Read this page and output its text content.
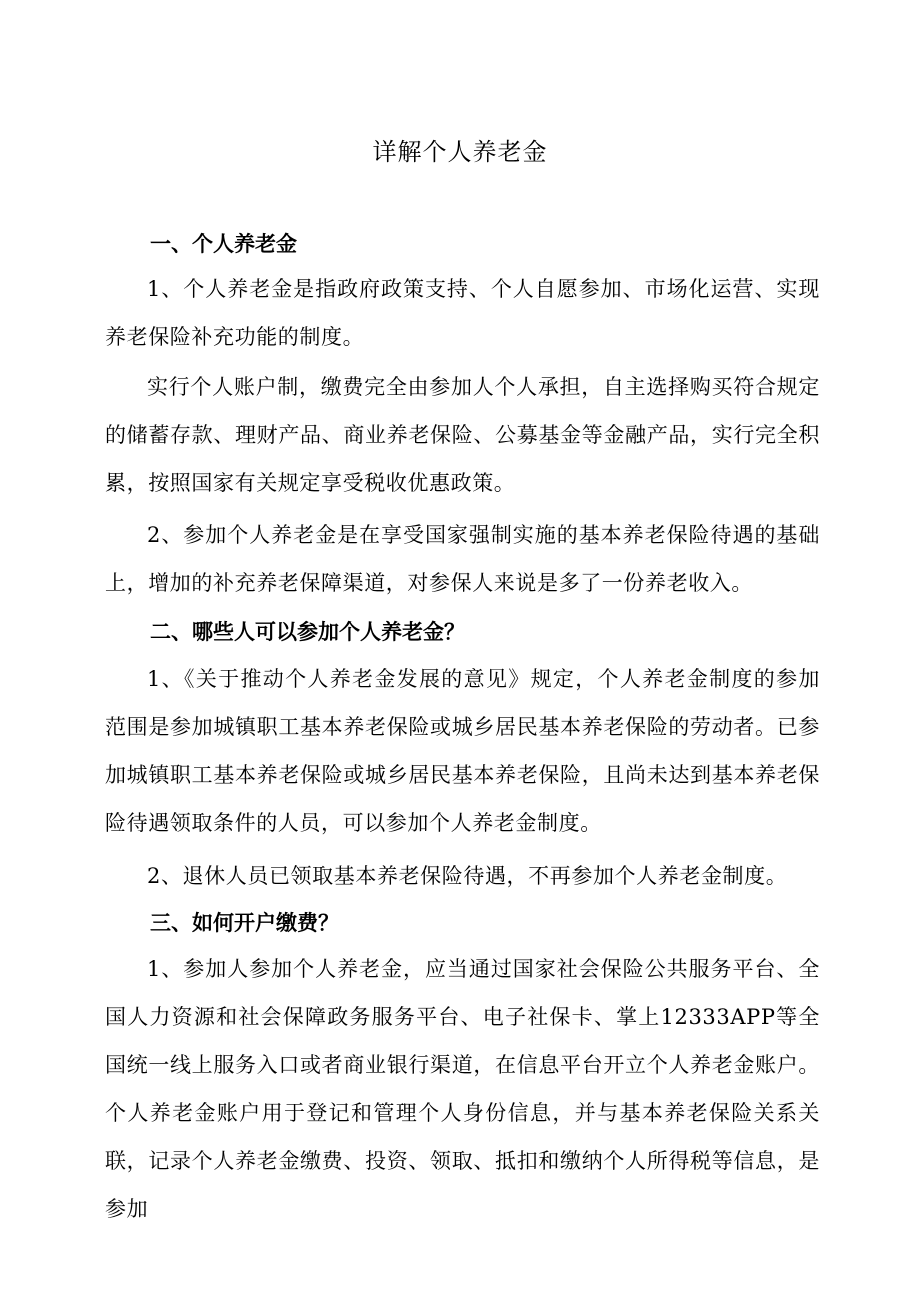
详解个人养老金
一、个人养老金
1、个人养老金是指政府政策支持、个人自愿参加、市场化运营、实现养老保险补充功能的制度。
实行个人账户制，缴费完全由参加人个人承担，自主选择购买符合规定的储蓄存款、理财产品、商业养老保险、公募基金等金融产品，实行完全积累，按照国家有关规定享受税收优惠政策。
2、参加个人养老金是在享受国家强制实施的基本养老保险待遇的基础上，增加的补充养老保障渠道，对参保人来说是多了一份养老收入。
二、哪些人可以参加个人养老金？
1、《关于推动个人养老金发展的意见》规定，个人养老金制度的参加范围是参加城镇职工基本养老保险或城乡居民基本养老保险的劳动者。已参加城镇职工基本养老保险或城乡居民基本养老保险，且尚未达到基本养老保险待遇领取条件的人员，可以参加个人养老金制度。
2、退休人员已领取基本养老保险待遇，不再参加个人养老金制度。
三、如何开户缴费？
1、参加人参加个人养老金，应当通过国家社会保险公共服务平台、全国人力资源和社会保障政务服务平台、电子社保卡、掌上12333APP等全国统一线上服务入口或者商业银行渠道，在信息平台开立个人养老金账户。个人养老金账户用于登记和管理个人身份信息，并与基本养老保险关系关联，记录个人养老金缴费、投资、领取、抵扣和缴纳个人所得税等信息，是参加
